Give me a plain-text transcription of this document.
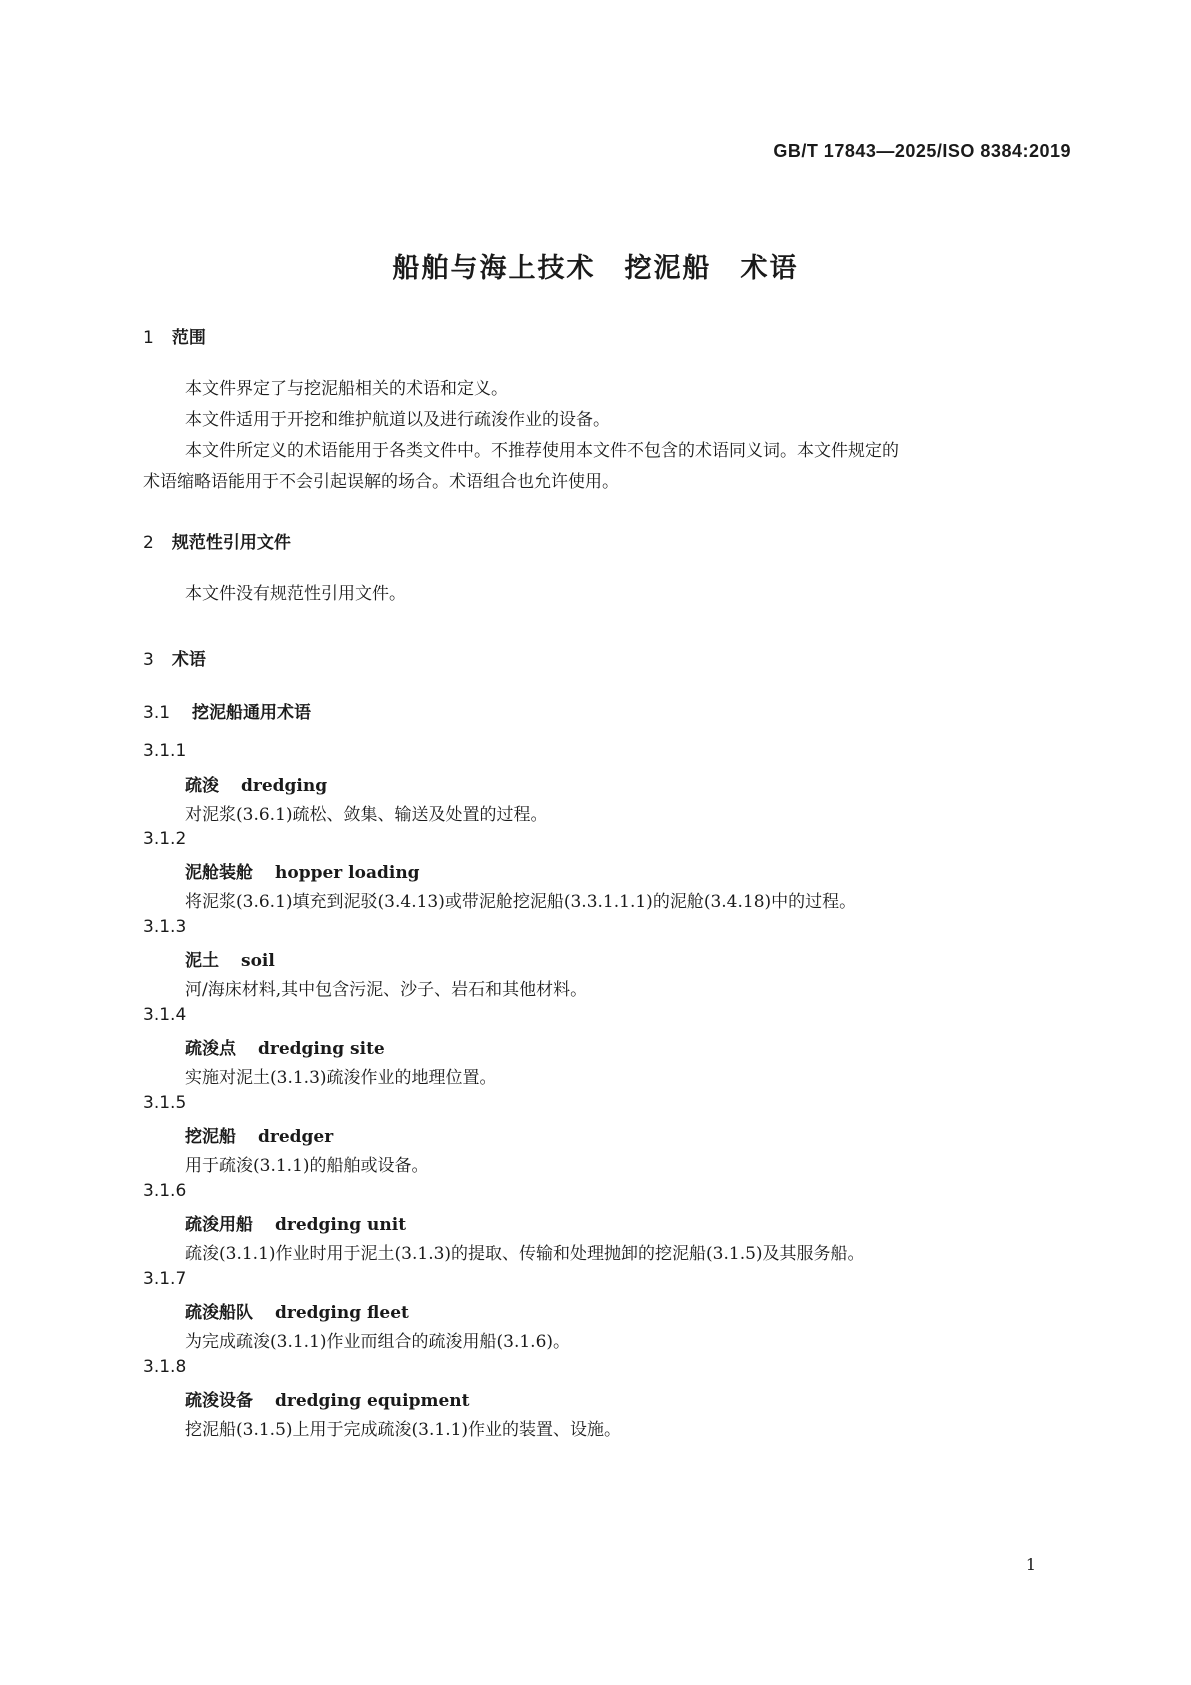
GB/T 17843—2025/ISO 8384:2019
船舶与海上技术　挖泥船　术语
1 范围
本文件界定了与挖泥船相关的术语和定义。
本文件适用于开挖和维护航道以及进行疏浚作业的设备。
本文件所定义的术语能用于各类文件中。不推荐使用本文件不包含的术语同义词。本文件规定的
术语缩略语能用于不会引起误解的场合。术语组合也允许使用。
2 规范性引用文件
本文件没有规范性引用文件。
3 术语
3.1 挖泥船通用术语
3.1.1
疏浚 dredging
对泥浆(3.6.1)疏松、敛集、输送及处置的过程。
3.1.2
泥舱装舱 hopper loading
将泥浆(3.6.1)填充到泥驳(3.4.13)或带泥舱挖泥船(3.3.1.1.1)的泥舱(3.4.18)中的过程。
3.1.3
泥土 soil
河/海床材料,其中包含污泥、沙子、岩石和其他材料。
3.1.4
疏浚点 dredging site
实施对泥土(3.1.3)疏浚作业的地理位置。
3.1.5
挖泥船 dredger
用于疏浚(3.1.1)的船舶或设备。
3.1.6
疏浚用船 dredging unit
疏浚(3.1.1)作业时用于泥土(3.1.3)的提取、传输和处理抛卸的挖泥船(3.1.5)及其服务船。
3.1.7
疏浚船队 dredging fleet
为完成疏浚(3.1.1)作业而组合的疏浚用船(3.1.6)。
3.1.8
疏浚设备 dredging equipment
挖泥船(3.1.5)上用于完成疏浚(3.1.1)作业的装置、设施。
1
